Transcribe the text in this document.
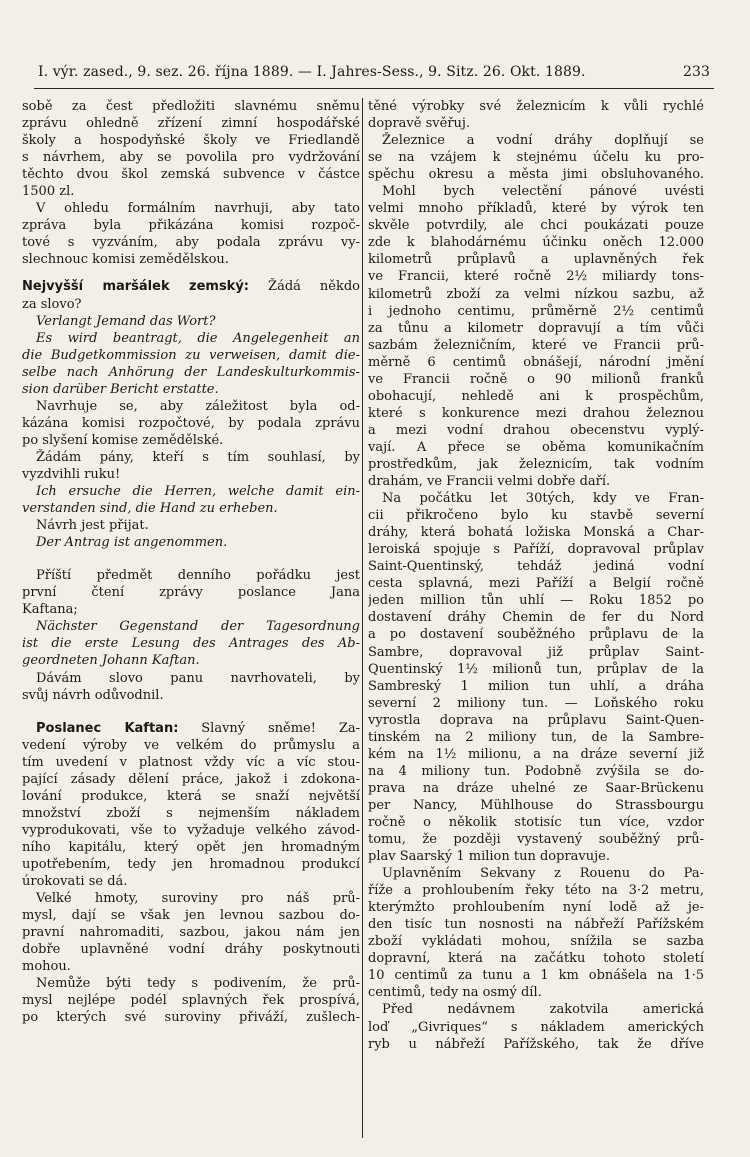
I. výr. zased., 9. sez. 26. října 1889. — I. Jahres-Sess., 9. Sitz. 26. Okt. 1889.	233
sobě za čest předložiti slavnému sněmu
zprávu ohledně zřízení zimní hospodářské
školy a hospodyňské školy ve Friedlandě
s návrhem, aby se povolila pro vydržování
těchto dvou škol zemská subvence v částce
1500 zl.
V ohledu formálním navrhuji, aby tato
zpráva byla přikázána komisi rozpoč-
tové s vyzváním, aby podala zprávu vy-
slechnouc komisi zemědělskou.
Nejvyšší maršálek zemský: Žádá někdo
za slovo?
Verlangt Jemand das Wort?
Es wird beantragt, die Angelegenheit an
die Budgetkommission zu verweisen, damit die-
selbe nach Anhörung der Landeskulturkommis-
sion darüber Bericht erstatte.
Navrhuje se, aby záležitost byla od-
kázána komisi rozpočtové, by podala zprávu
po slyšení komise zemědělské.
Žádám pány, kteří s tím souhlasí, by
vyzdvihli ruku!
Ich ersuche die Herren, welche damit ein-
verstanden sind, die Hand zu erheben.
Návrh jest přijat.
Der Antrag ist angenommen.
Příští předmět denního pořádku jest
první čtení zprávy poslance Jana
Kaftana;
Nächster Gegenstand der Tagesordnung
ist die erste Lesung des Antrages des Ab-
geordneten Johann Kaftan.
Dávám slovo panu navrhovateli, by
svůj návrh odůvodnil.
Poslanec Kaftan: Slavný sněme! Za-
vedení výroby ve velkém do průmyslu a
tím uvedení v platnost vždy víc a víc stou-
pající zásady dělení práce, jakož i zdokona-
lování produkce, která se snaží největší
množství zboží s nejmenším nákladem
vyprodukovati, vše to vyžaduje velkého závod-
ního kapitálu, který opět jen hromadným
upotřebením, tedy jen hromadnou produkcí
úrokovati se dá.
Velké hmoty, suroviny pro náš prů-
mysl, dají se však jen levnou sazbou do-
pravní nahromaditi, sazbou, jakou nám jen
dobře uplavněné vodní dráhy poskytnouti
mohou.
Nemůže býti tedy s podivením, že prů-
mysl nejlépe podél splavných řek prospívá,
po kterých své suroviny přiváží, zušlech-
těné výrobky své železnicím k vůli rychlé
dopravě svěřuj.
Železnice a vodní dráhy doplňují se
se na vzájem k stejnému účelu ku pro-
spěchu okresu a města jimi obsluhovaného.
Mohl bych velectění pánové uvésti
velmi mnoho příkladů, které by výrok ten
skvěle potvrdily, ale chci poukázati pouze
zde k blahodárnému účinku oněch 12.000
kilometrů průplavů a uplavněných řek
ve Francii, které ročně 2½ miliardy tons-
kilometrů zboží za velmi nízkou sazbu, až
i jednoho centimu, průměrně 2½ centimů
za tůnu a kilometr dopravují a tím vůči
sazbám železničním, které ve Francii prů-
měrně 6 centimů obnášejí, národní jmění
ve Francii ročně o 90 milionů franků
obohacují, nehledě ani k prospěchům,
které s konkurence mezi drahou železnou
a mezi vodní drahou obecenstvu vyplý-
vají. A přece se oběma komunikačním
prostředkům, jak železnicím, tak vodním
drahám, ve Francii velmi dobře daří.
Na počátku let 30tých, kdy ve Fran-
cii přikročeno bylo ku stavbě severní
dráhy, která bohatá ložiska Monská a Char-
leroiská spojuje s Paříží, dopravoval průplav
Saint-Quentinský, tehdáž jediná vodní
cesta splavná, mezi Paříží a Belgií ročně
jeden million tůn uhlí — Roku 1852 po
dostavení dráhy Chemin de fer du Nord
a po dostavení souběžného průplavu de la
Sambre, dopravoval již průplav Saint-
Quentinský 1½ milionů tun, průplav de la
Sambreský 1 milion tun uhlí, a dráha
severní 2 miliony tun. — Loňského roku
vyrostla doprava na průplavu Saint-Quen-
tinském na 2 miliony tun, de la Sambre-
kém na 1½ milionu, a na dráze severní již
na 4 miliony tun. Podobně zvýšila se do-
prava na dráze uhelné ze Saar-Brückenu
per Nancy, Mühlhouse do Strassbourgu
ročně o několik stotisíc tun více, vzdor
tomu, že později vystavený souběžný prů-
plav Saarský 1 milion tun dopravuje.
Uplavněním Sekvany z Rouenu do Pa-
říže a prohloubením řeky této na 3·2 metru,
kterýmžto prohloubením nyní lodě až je-
den tisíc tun nosnosti na nábřeží Pařížském
zboží vykládati mohou, snížila se sazba
dopravní, která na začátku tohoto století
10 centimů za tunu a 1 km obnášela na 1·5
centimů, tedy na osmý díl.
Před nedávnem zakotvila americká
loď „Givriques“ s nákladem amerických
ryb u nábřeží Pařížského, tak že dříve
